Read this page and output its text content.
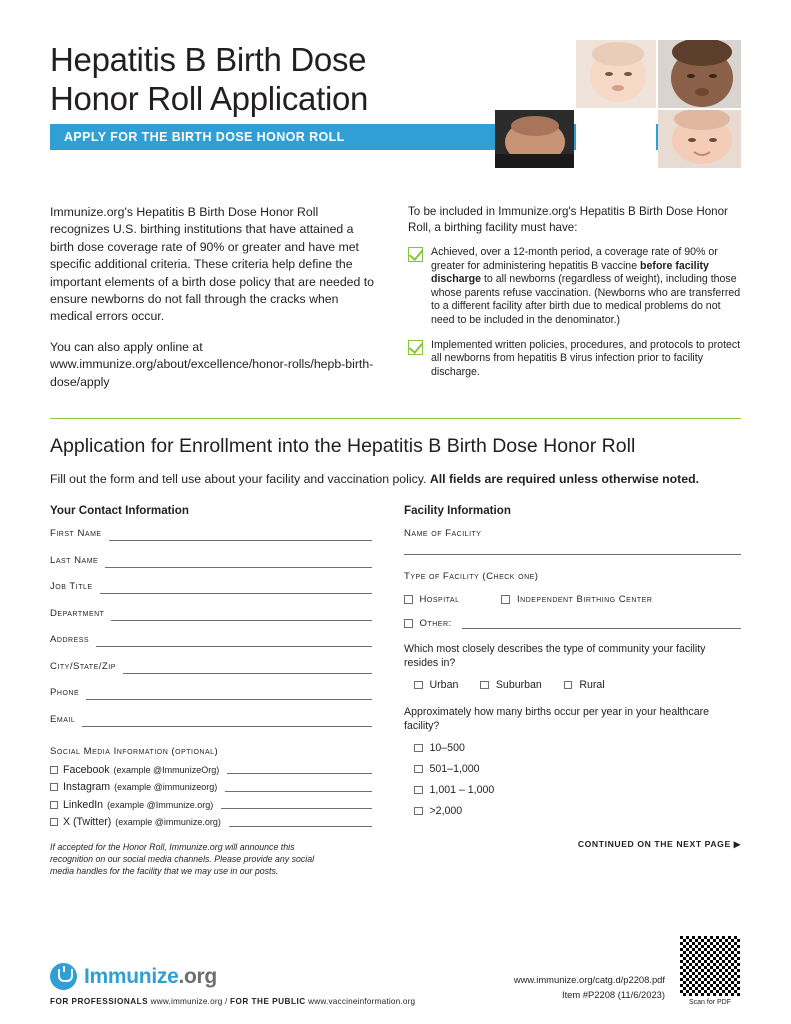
Hepatitis B Birth Dose
Honor Roll Application
APPLY FOR THE BIRTH DOSE HONOR ROLL

Immunize.org's Hepatitis B Birth Dose Honor Roll recognizes U.S. birthing institutions that have attained a birth dose coverage rate of 90% or greater and have met specific additional criteria. These criteria help define the important elements of a birth dose policy that are needed to ensure newborns do not fall through the cracks when medical errors occur.

You can also apply online at www.immunize.org/about/excellence/honor-rolls/hepb-birth-dose/apply

To be included in Immunize.org's Hepatitis B Birth Dose Honor Roll, a birthing facility must have:
Achieved, over a 12-month period, a coverage rate of 90% or greater for administering hepatitis B vaccine before facility discharge to all newborns (regardless of weight), including those whose parents refuse vaccination. (Newborns who are transferred to a different facility after birth due to medical problems do not need to be included in the denominator.)
Implemented written policies, procedures, and protocols to protect all newborns from hepatitis B virus infection prior to facility discharge.
Application for Enrollment into the Hepatitis B Birth Dose Honor Roll

Fill out the form and tell use about your facility and vaccination policy. All fields are required unless otherwise noted.

Your Contact Information
First Name
Last Name
Job Title
Department
Address
City/State/Zip
Phone
Email
Social Media Information (optional)
Facebook (example @ImmunizeOrg)
Instagram (example @immunizeorg)
LinkedIn (example @Immunize.org)
X (Twitter) (example @immunize.org)
If accepted for the Honor Roll, Immunize.org will announce this recognition on our social media channels. Please provide any social media handles for the facility that we may use in our posts.
Facility Information
Name of Facility
Type of Facility (Check one)
Hospital	Independent Birthing Center
Other:
Which most closely describes the type of community your facility resides in?
Urban	Suburban	Rural
Approximately how many births occur per year in your healthcare facility?
10–500
501–1,000
1,001 – 1,000
>2,000
CONTINUED ON THE NEXT PAGE ▶
Immunize.org
FOR PROFESSIONALS www.immunize.org / FOR THE PUBLIC www.vaccineinformation.org
www.immunize.org/catg.d/p2208.pdf
Item #P2208 (11/6/2023)
Scan for PDF
